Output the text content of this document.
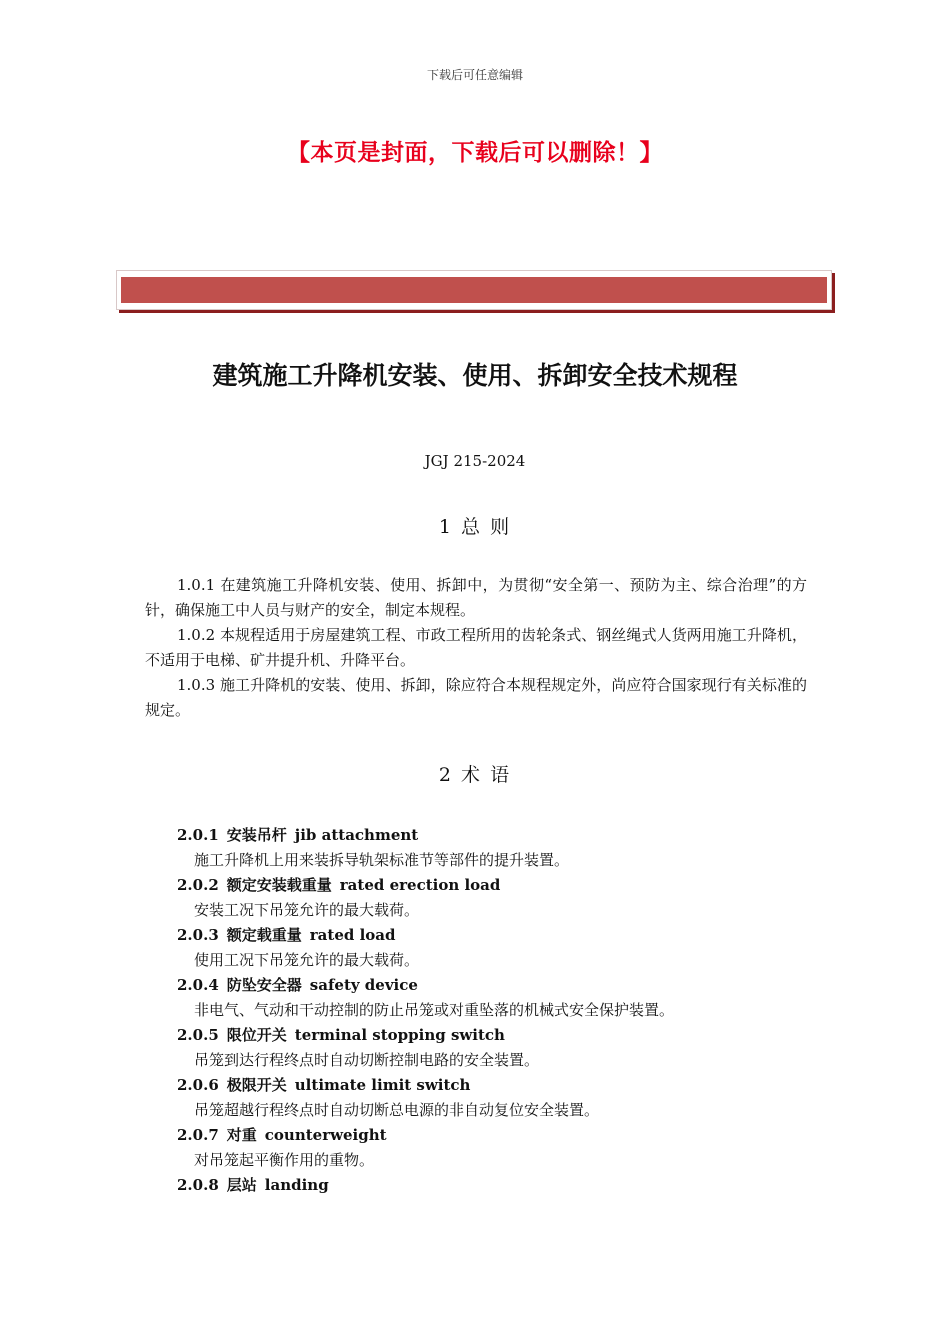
下载后可任意编辑
【本页是封面，下载后可以删除！】
建筑施工升降机安装、使用、拆卸安全技术规程
JGJ 215-2024
1 总 则
1.0.1 在建筑施工升降机安装、使用、拆卸中，为贯彻“安全第一、预防为主、综合治理”的方针，确保施工中人员与财产的安全，制定本规程。
1.0.2 本规程适用于房屋建筑工程、市政工程所用的齿轮条式、钢丝绳式人货两用施工升降机，不适用于电梯、矿井提升机、升降平台。
1.0.3 施工升降机的安装、使用、拆卸，除应符合本规程规定外，尚应符合国家现行有关标准的规定。
2 术 语
2.0.1 安装吊杆 jib attachment
施工升降机上用来装拆导轨架标准节等部件的提升装置。
2.0.2 额定安装载重量 rated erection load
安装工况下吊笼允许的最大载荷。
2.0.3 额定载重量 rated load
使用工况下吊笼允许的最大载荷。
2.0.4 防坠安全器 safety device
非电气、气动和干动控制的防止吊笼或对重坠落的机械式安全保护装置。
2.0.5 限位开关 terminal stopping switch
吊笼到达行程终点时自动切断控制电路的安全装置。
2.0.6 极限开关 ultimate limit switch
吊笼超越行程终点时自动切断总电源的非自动复位安全装置。
2.0.7 对重 counterweight
对吊笼起平衡作用的重物。
2.0.8 层站 landing
